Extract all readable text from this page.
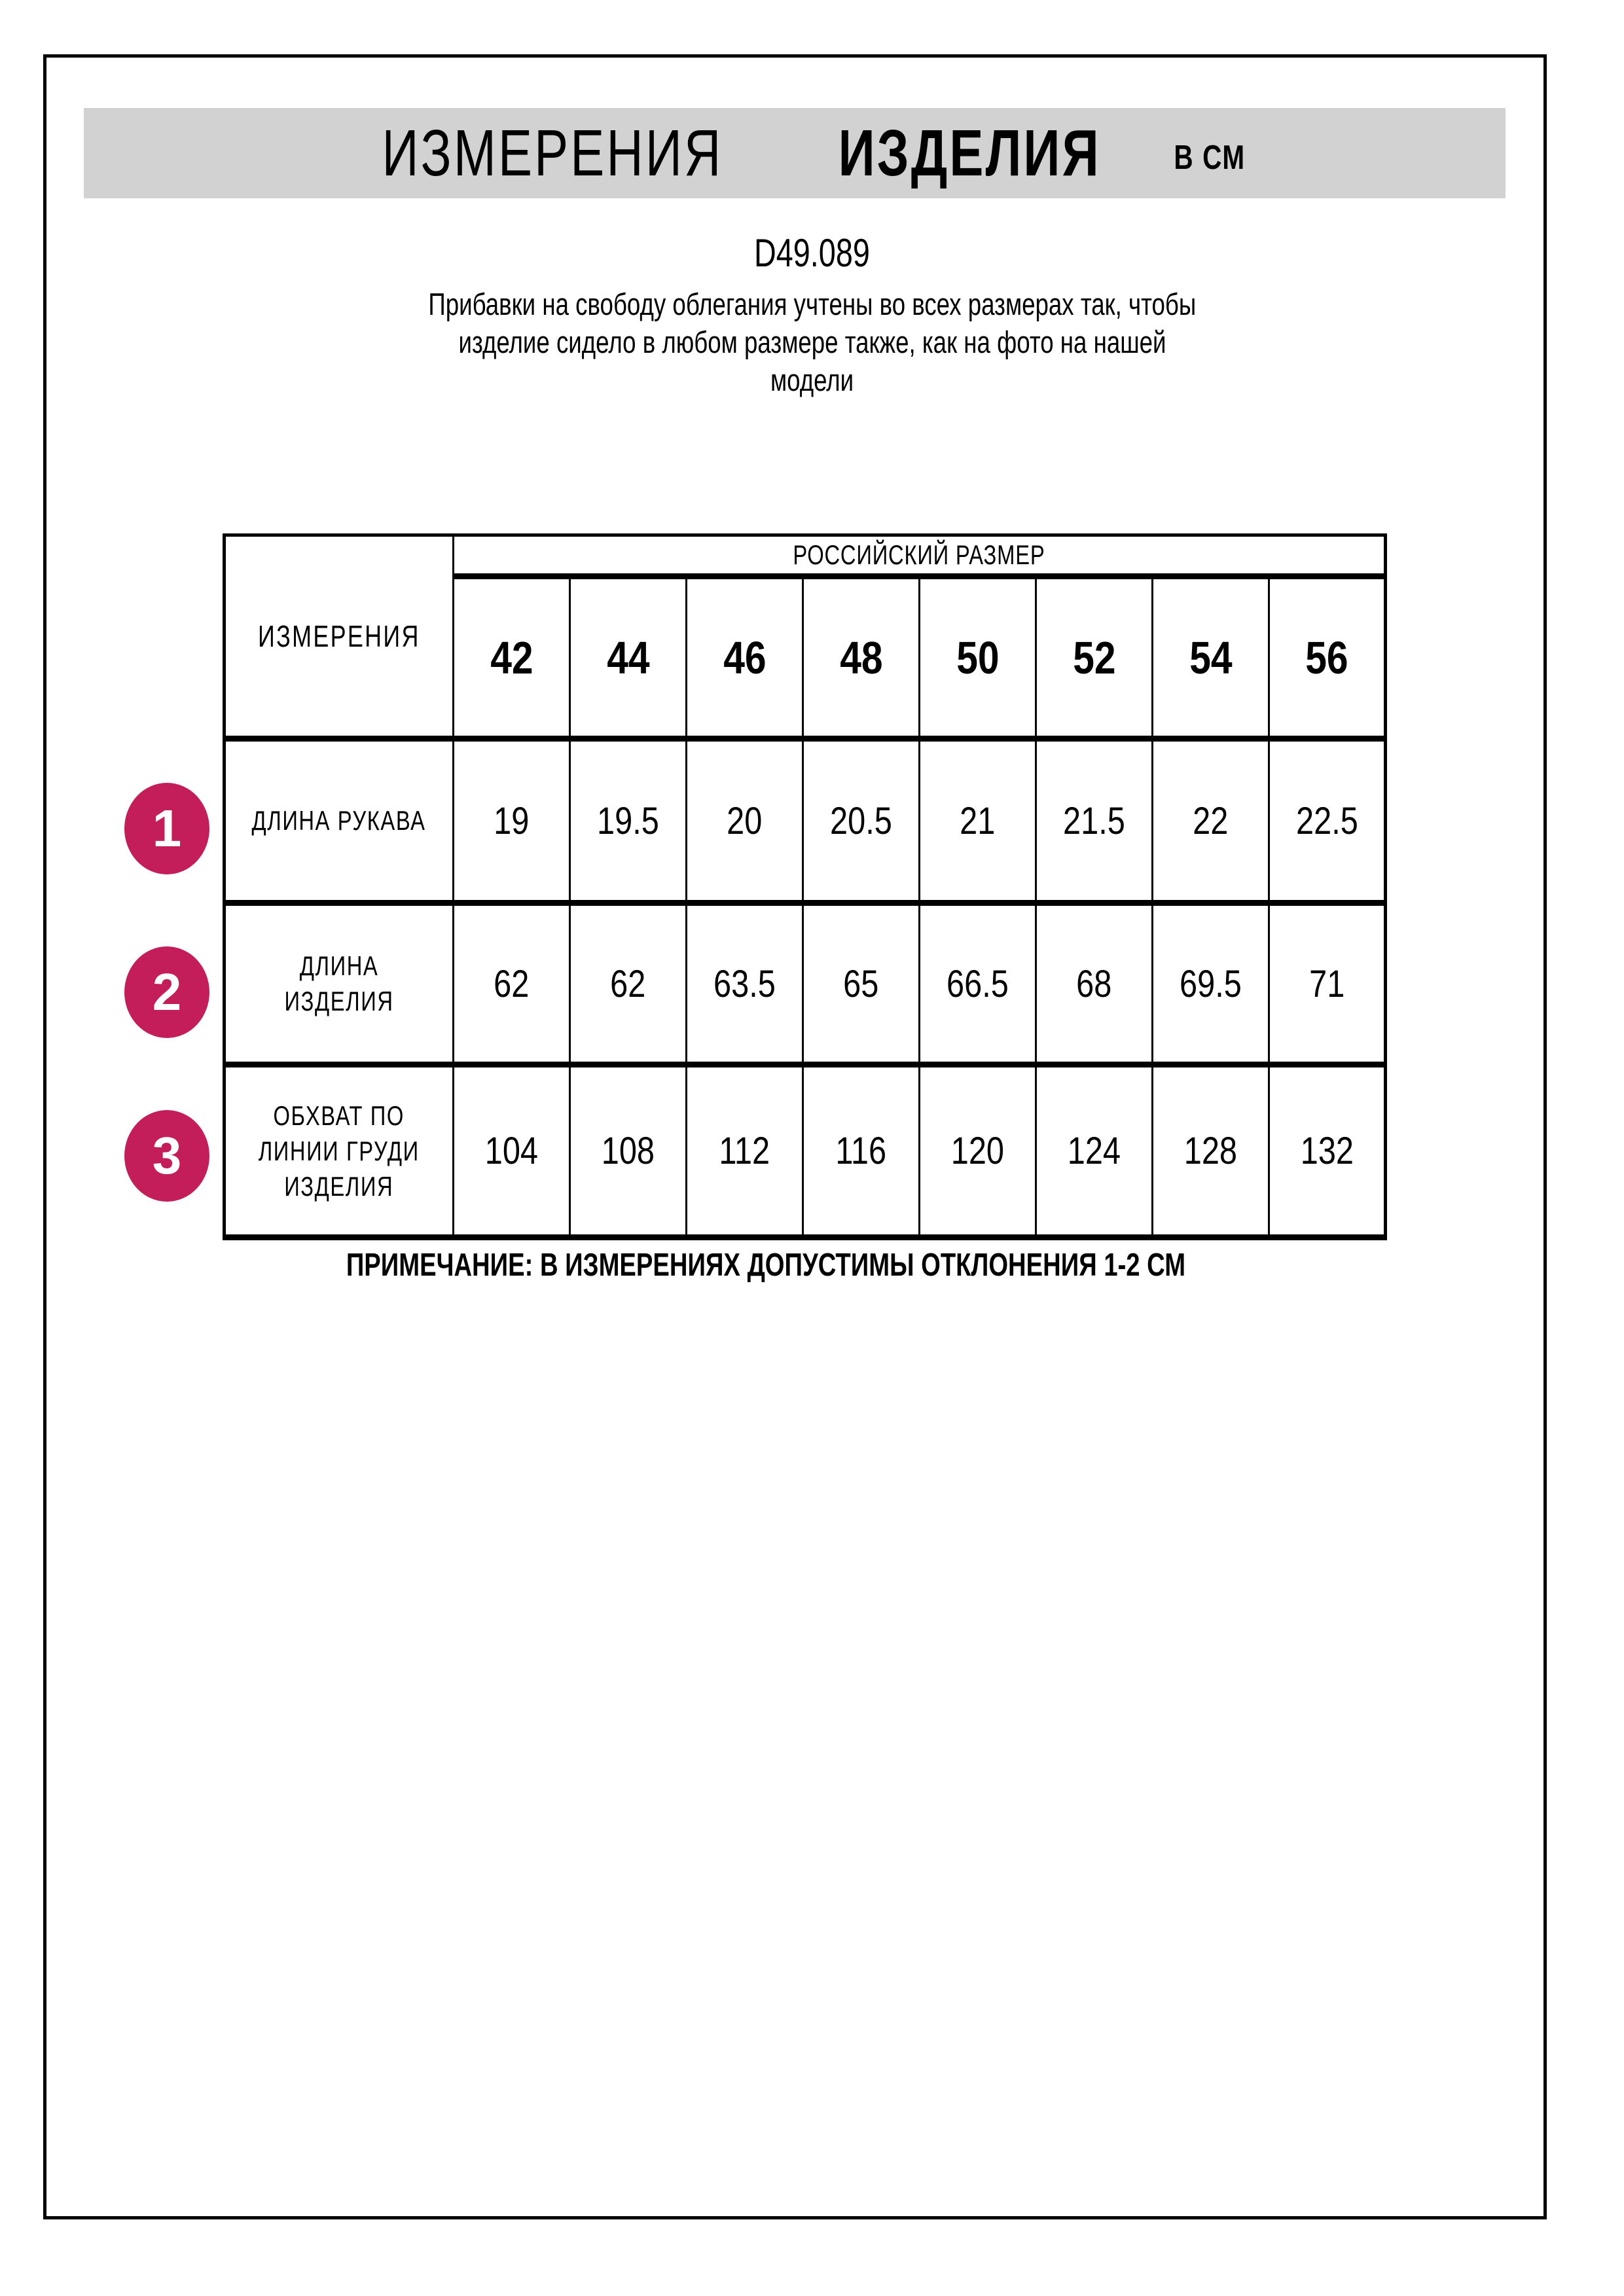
ИЗМЕРЕНИЯ ИЗДЕЛИЯ В СМ
D49.089
Прибавки на свободу облегания учтены во всех размерах так, чтобы
изделие сидело в любом размере также, как на фото на нашей
модели
ИЗМЕРЕНИЯ	РОССИЙСКИЙ РАЗМЕР							
	42	44	46	48	50	52	54	56

ДЛИНА РУКАВА	19	19.5	20	20.5	21	21.5	22	22.5

ДЛИНА
ИЗДЕЛИЯ	62	62	63.5	65	66.5	68	69.5	71

ОБХВАТ ПО
ЛИНИИ ГРУДИ
ИЗДЕЛИЯ	104	108	112	116	120	124	128	132
1
2
3
ПРИМЕЧАНИЕ: В ИЗМЕРЕНИЯХ ДОПУСТИМЫ ОТКЛОНЕНИЯ 1-2 СМ
